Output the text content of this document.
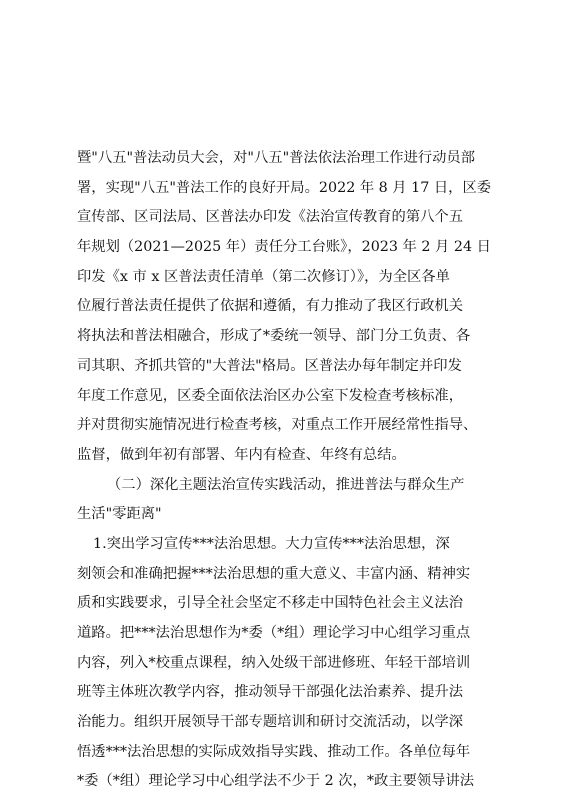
暨"八五"普法动员大会，对"八五"普法依法治理工作进行动员部
署，实现"八五"普法工作的良好开局。2022 年 8 月 17 日，区委
宣传部、区司法局、区普法办印发《法治宣传教育的第八个五
年规划（2021—2025 年）责任分工台账》，2023 年 2 月 24 日
印发《x 市 x 区普法责任清单（第二次修订）》，为全区各单
位履行普法责任提供了依据和遵循，有力推动了我区行政机关
将执法和普法相融合，形成了*委统一领导、部门分工负责、各
司其职、齐抓共管的"大普法"格局。区普法办每年制定并印发
年度工作意见，区委全面依法治区办公室下发检查考核标准，
并对贯彻实施情况进行检查考核，对重点工作开展经常性指导、
监督，做到年初有部署、年内有检查、年终有总结。
（二）深化主题法治宣传实践活动，推进普法与群众生产
生活"零距离"
1.突出学习宣传***法治思想。大力宣传***法治思想，深
刻领会和准确把握***法治思想的重大意义、丰富内涵、精神实
质和实践要求，引导全社会坚定不移走中国特色社会主义法治
道路。把***法治思想作为*委（*组）理论学习中心组学习重点
内容，列入*校重点课程，纳入处级干部进修班、年轻干部培训
班等主体班次教学内容，推动领导干部强化法治素养、提升法
治能力。组织开展领导干部专题培训和研讨交流活动，以学深
悟透***法治思想的实际成效指导实践、推动工作。各单位每年
*委（*组）理论学习中心组学法不少于 2 次，*政主要领导讲法
